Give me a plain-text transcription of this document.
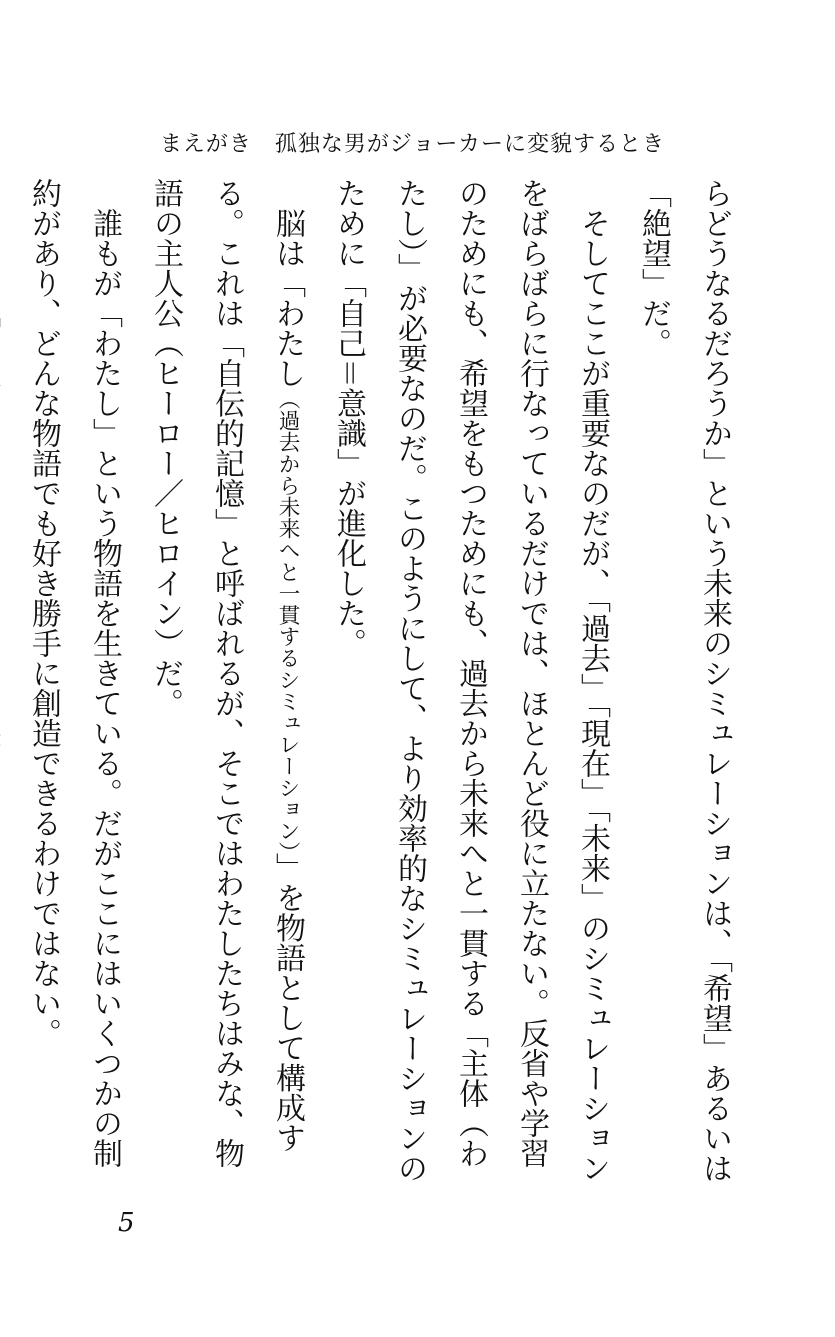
まえがき　孤独な男がジョーカーに変貌するとき

らどうなるだろうか」という未来のシミュレーションは、「希望」あるいは「絶望」だ。

そしてここが重要なのだが、「過去」「現在」「未来」のシミュレーションをばらばらに行なっているだけでは、ほとんど役に立たない。反省や学習のためにも、希望をもつためにも、過去から未来へと一貫する「主体（わたし）」が必要なのだ。このようにして、より効率的なシミュレーションのために「自己＝意識」が進化した。

脳は「わたし（過去から未来へと一貫するシミュレーション）」を物語として構成する。これは「自伝的記憶」と呼ばれるが、そこではわたしたちはみな、物語の主人公（ヒーロー／ヒロイン）だ。

誰もが「わたし」という物語を生きている。だがここにはいくつかの制約があり、どんな物語でも好き勝手に創造できるわけではない。

5
